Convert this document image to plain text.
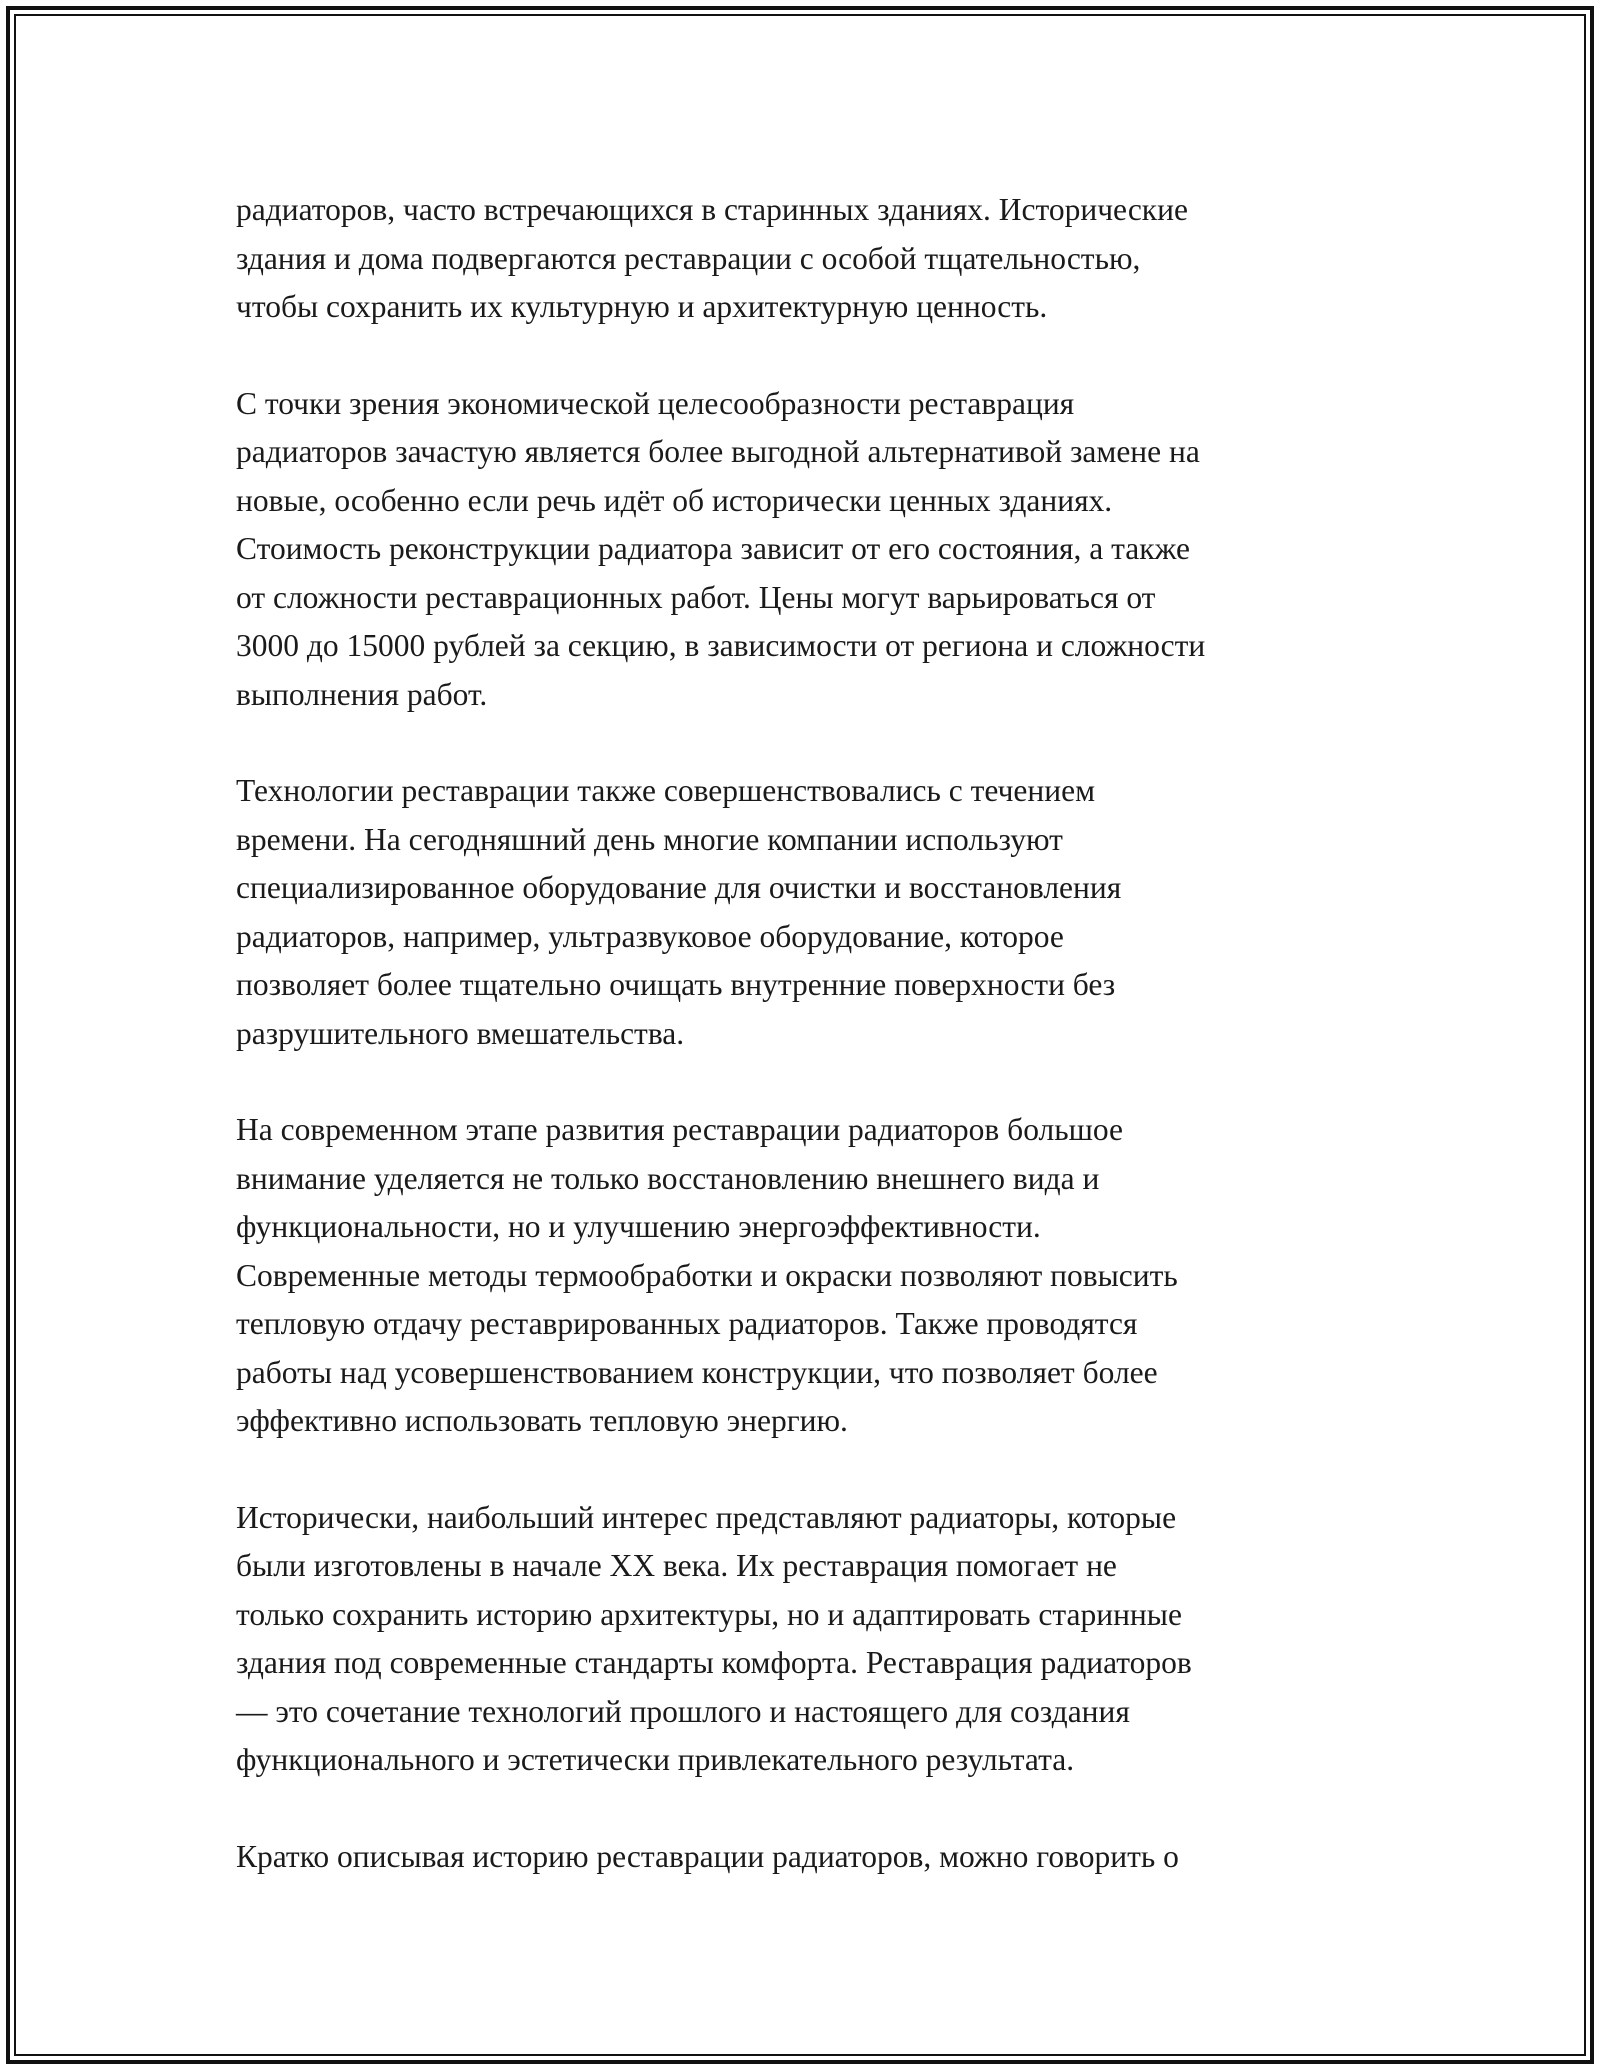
радиаторов, часто встречающихся в старинных зданиях. Исторические
здания и дома подвергаются реставрации с особой тщательностью,
чтобы сохранить их культурную и архитектурную ценность.

С точки зрения экономической целесообразности реставрация
радиаторов зачастую является более выгодной альтернативой замене на
новые, особенно если речь идёт об исторически ценных зданиях.
Стоимость реконструкции радиатора зависит от его состояния, а также
от сложности реставрационных работ. Цены могут варьироваться от
3000 до 15000 рублей за секцию, в зависимости от региона и сложности
выполнения работ.

Технологии реставрации также совершенствовались с течением
времени. На сегодняшний день многие компании используют
специализированное оборудование для очистки и восстановления
радиаторов, например, ультразвуковое оборудование, которое
позволяет более тщательно очищать внутренние поверхности без
разрушительного вмешательства.

На современном этапе развития реставрации радиаторов большое
внимание уделяется не только восстановлению внешнего вида и
функциональности, но и улучшению энергоэффективности.
Современные методы термообработки и окраски позволяют повысить
тепловую отдачу реставрированных радиаторов. Также проводятся
работы над усовершенствованием конструкции, что позволяет более
эффективно использовать тепловую энергию.

Исторически, наибольший интерес представляют радиаторы, которые
были изготовлены в начале XX века. Их реставрация помогает не
только сохранить историю архитектуры, но и адаптировать старинные
здания под современные стандарты комфорта. Реставрация радиаторов
— это сочетание технологий прошлого и настоящего для создания
функционального и эстетически привлекательного результата.

Кратко описывая историю реставрации радиаторов, можно говорить о
